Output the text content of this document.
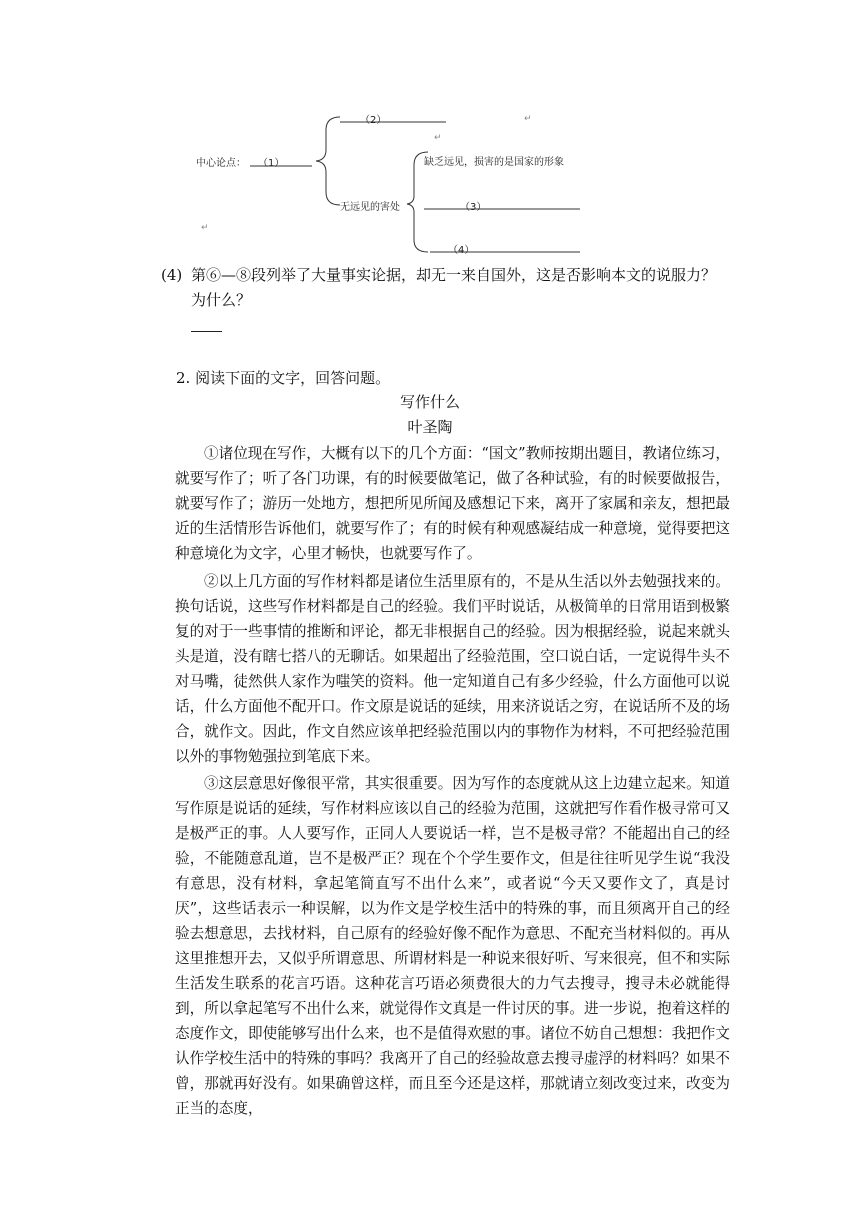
中心论点： （1）
（2）
无远见的害处
缺乏远见，损害的是国家的形象
（3）
（4）
↵
↵
↵
(4) 第⑥—⑧段列举了大量事实论据，却无一来自国外，这是否影响本文的说服力？
为什么？
2. 阅读下面的文字，回答问题。
写作什么
叶圣陶
①诸位现在写作，大概有以下的几个方面：“国文”教师按期出题目，教诸位练习，就要写作了；听了各门功课，有的时候要做笔记，做了各种试验，有的时候要做报告，就要写作了；游历一处地方，想把所见所闻及感想记下来，离开了家属和亲友，想把最近的生活情形告诉他们，就要写作了；有的时候有种观感凝结成一种意境，觉得要把这种意境化为文字，心里才畅快，也就要写作了。
②以上几方面的写作材料都是诸位生活里原有的，不是从生活以外去勉强找来的。换句话说，这些写作材料都是自己的经验。我们平时说话，从极简单的日常用语到极繁复的对于一些事情的推断和评论，都无非根据自己的经验。因为根据经验，说起来就头头是道，没有瞎七搭八的无聊话。如果超出了经验范围，空口说白话，一定说得牛头不对马嘴，徒然供人家作为嗤笑的资料。他一定知道自己有多少经验，什么方面他可以说话，什么方面他不配开口。作文原是说话的延续，用来济说话之穷，在说话所不及的场合，就作文。因此，作文自然应该单把经验范围以内的事物作为材料，不可把经验范围以外的事物勉强拉到笔底下来。
③这层意思好像很平常，其实很重要。因为写作的态度就从这上边建立起来。知道写作原是说话的延续，写作材料应该以自己的经验为范围，这就把写作看作极寻常可又是极严正的事。人人要写作，正同人人要说话一样，岂不是极寻常？不能超出自己的经验，不能随意乱道，岂不是极严正？现在个个学生要作文，但是往往听见学生说“我没有意思，没有材料，拿起笔简直写不出什么来”，或者说“今天又要作文了，真是讨厌”，这些话表示一种误解，以为作文是学校生活中的特殊的事，而且须离开自己的经验去想意思，去找材料，自己原有的经验好像不配作为意思、不配充当材料似的。再从这里推想开去，又似乎所谓意思、所谓材料是一种说来很好听、写来很亮，但不和实际生活发生联系的花言巧语。这种花言巧语必须费很大的力气去搜寻，搜寻未必就能得到，所以拿起笔写不出什么来，就觉得作文真是一件讨厌的事。进一步说，抱着这样的态度作文，即使能够写出什么来，也不是值得欢慰的事。诸位不妨自己想想：我把作文认作学校生活中的特殊的事吗？我离开了自己的经验故意去搜寻虚浮的材料吗？如果不曾，那就再好没有。如果确曾这样，而且至今还是这样，那就请立刻改变过来，改变为正当的态度，
